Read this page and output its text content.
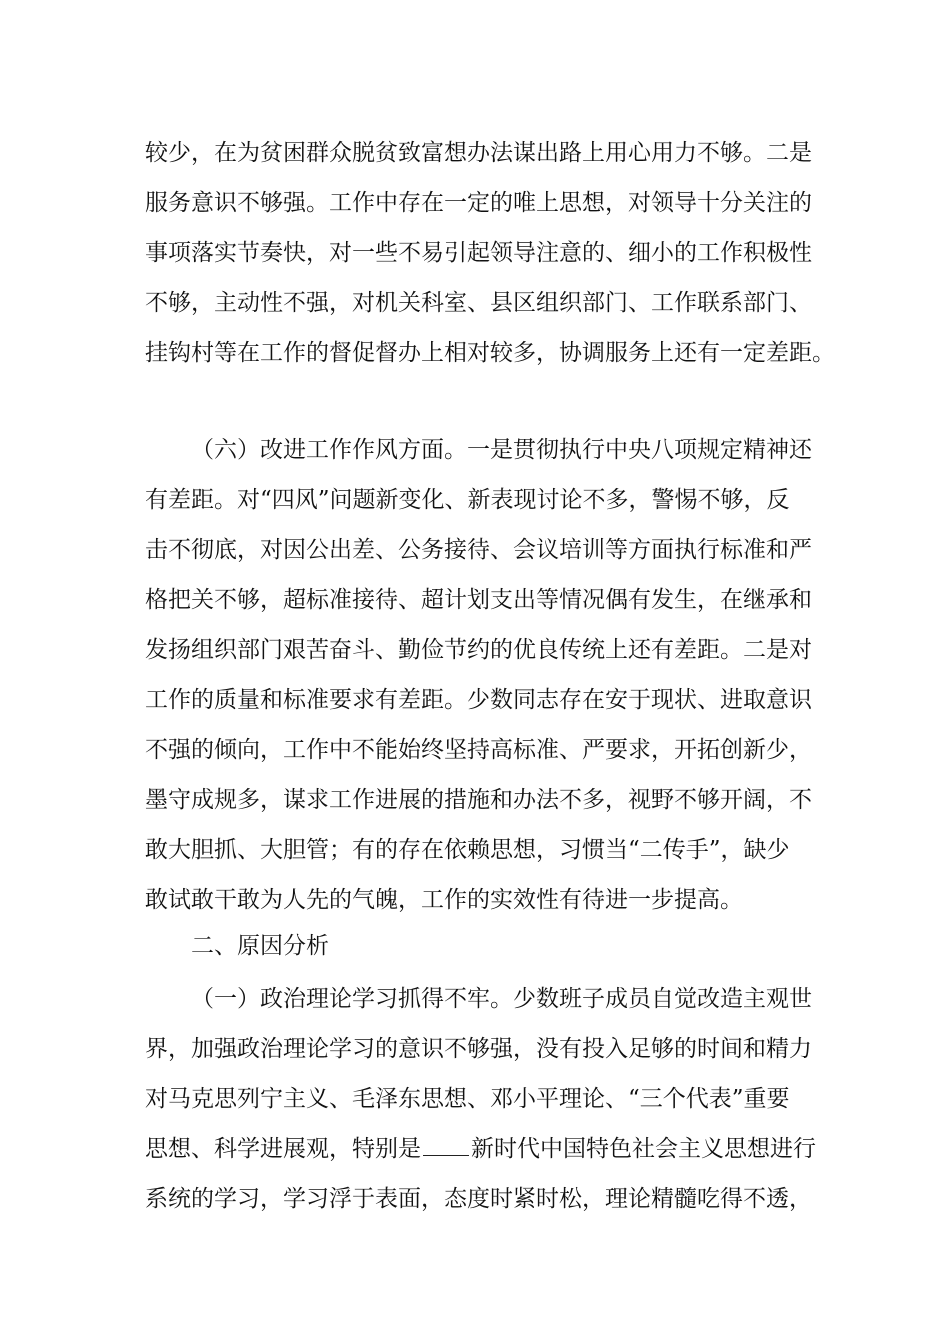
较少，在为贫困群众脱贫致富想办法谋出路上用心用力不够。二是
服务意识不够强。工作中存在一定的唯上思想，对领导十分关注的
事项落实节奏快，对一些不易引起领导注意的、细小的工作积极性
不够，主动性不强，对机关科室、县区组织部门、工作联系部门、
挂钩村等在工作的督促督办上相对较多，协调服务上还有一定差距。
（六）改进工作作风方面。一是贯彻执行中央八项规定精神还
有差距。对“四风”问题新变化、新表现讨论不多，警惕不够，反
击不彻底，对因公出差、公务接待、会议培训等方面执行标准和严
格把关不够，超标准接待、超计划支出等情况偶有发生，在继承和
发扬组织部门艰苦奋斗、勤俭节约的优良传统上还有差距。二是对
工作的质量和标准要求有差距。少数同志存在安于现状、进取意识
不强的倾向，工作中不能始终坚持高标准、严要求，开拓创新少，
墨守成规多，谋求工作进展的措施和办法不多，视野不够开阔，不
敢大胆抓、大胆管；有的存在依赖思想，习惯当“二传手”，缺少
敢试敢干敢为人先的气魄，工作的实效性有待进一步提高。
二、原因分析
（一）政治理论学习抓得不牢。少数班子成员自觉改造主观世
界，加强政治理论学习的意识不够强，没有投入足够的时间和精力
对马克思列宁主义、毛泽东思想、邓小平理论、“三个代表”重要
思想、科学进展观，特别是 新时代中国特色社会主义思想进行
系统的学习，学习浮于表面，态度时紧时松，理论精髓吃得不透，
